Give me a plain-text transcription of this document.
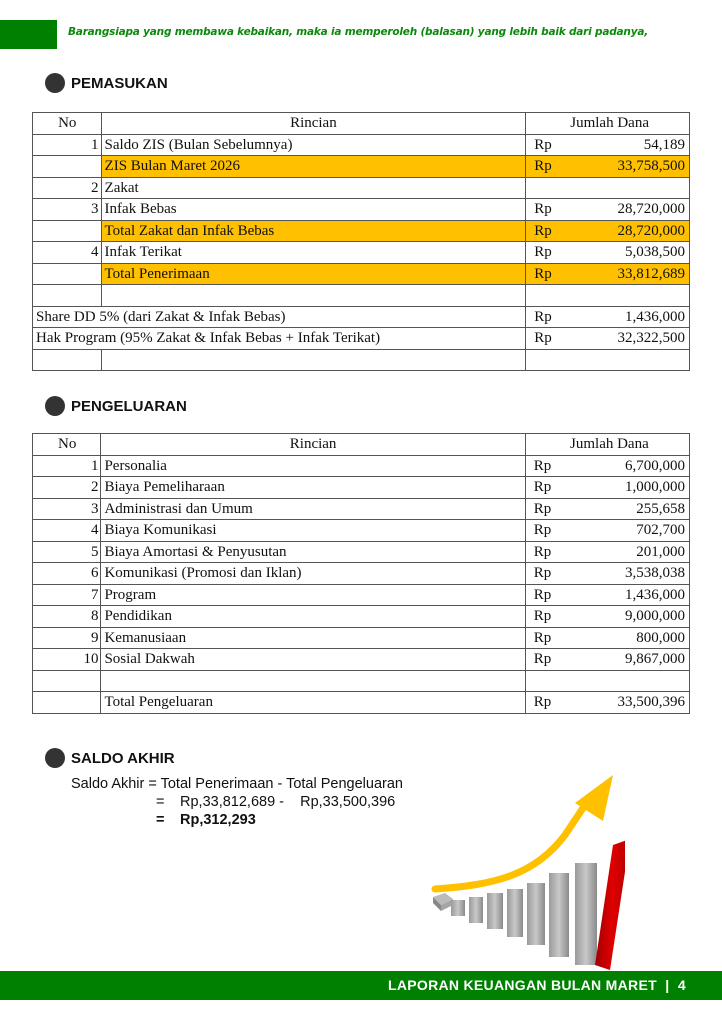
Barangsiapa yang membawa kebaikan, maka ia memperoleh (balasan) yang lebih baik dari padanya,
PEMASUKAN
No	Rincian	Jumlah Dana
1	Saldo ZIS (Bulan Sebelumnya)	Rp 54,189

	ZIS Bulan Maret 2026	Rp 33,758,500

2	Zakat	

3	Infak Bebas	Rp 28,720,000

	Total Zakat dan Infak Bebas	Rp 28,720,000

4	Infak Terikat	Rp 5,038,500

	Total Penerimaan	Rp 33,812,689

Share DD 5% (dari Zakat & Infak Bebas)		Rp 1,436,000

Hak Program (95% Zakat & Infak Bebas + Infak Terikat)		Rp 32,322,500

PENGELUARAN
No	Rincian	Jumlah Dana
1	Personalia	Rp 6,700,000

2	Biaya Pemeliharaan	Rp 1,000,000

3	Administrasi dan Umum	Rp 255,658

4	Biaya Komunikasi	Rp 702,700

5	Biaya Amortasi & Penyusutan	Rp 201,000

6	Komunikasi (Promosi dan Iklan)	Rp 3,538,038

7	Program	Rp 1,436,000

8	Pendidikan	Rp 9,000,000

9	Kemanusiaan	Rp 800,000

10	Sosial Dakwah	Rp 9,867,000

	Total Pengeluaran	Rp 33,500,396
SALDO AKHIR
Saldo Akhir = Total Penerimaan - Total Pengeluaran
= Rp,33,812,689 -    Rp,33,500,396
= Rp,312,293
LAPORAN KEUANGAN BULAN MARET  |  4
